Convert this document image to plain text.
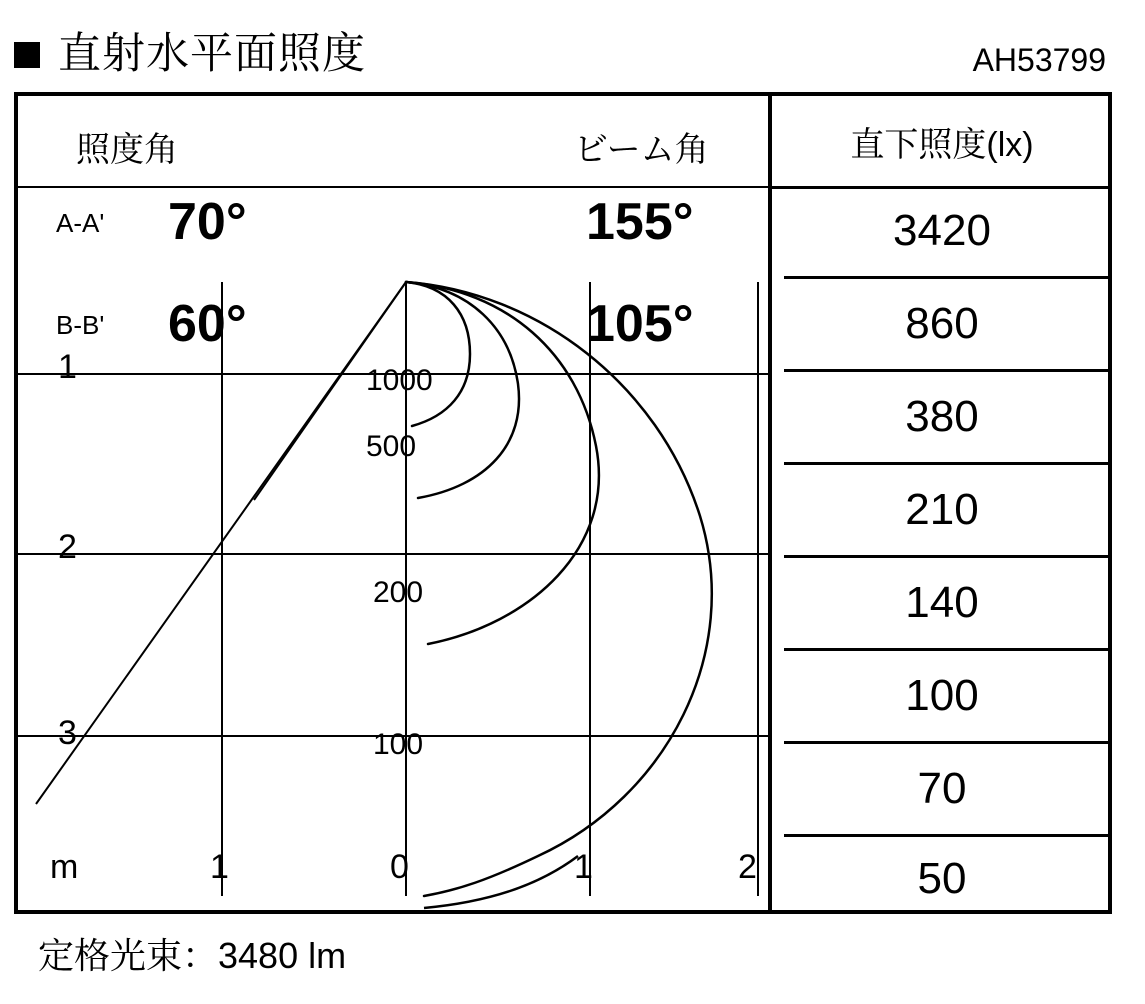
直射水平面照度	AH53799
照度角	ビーム角
A-A' 70°	155°
B-B' 60°	105°
1000
500
200
100
1
2
3
m	1	0	1	2
直下照度(lx)
3420
860
380
210
140
100
70
50
定格光束：3480 lm
